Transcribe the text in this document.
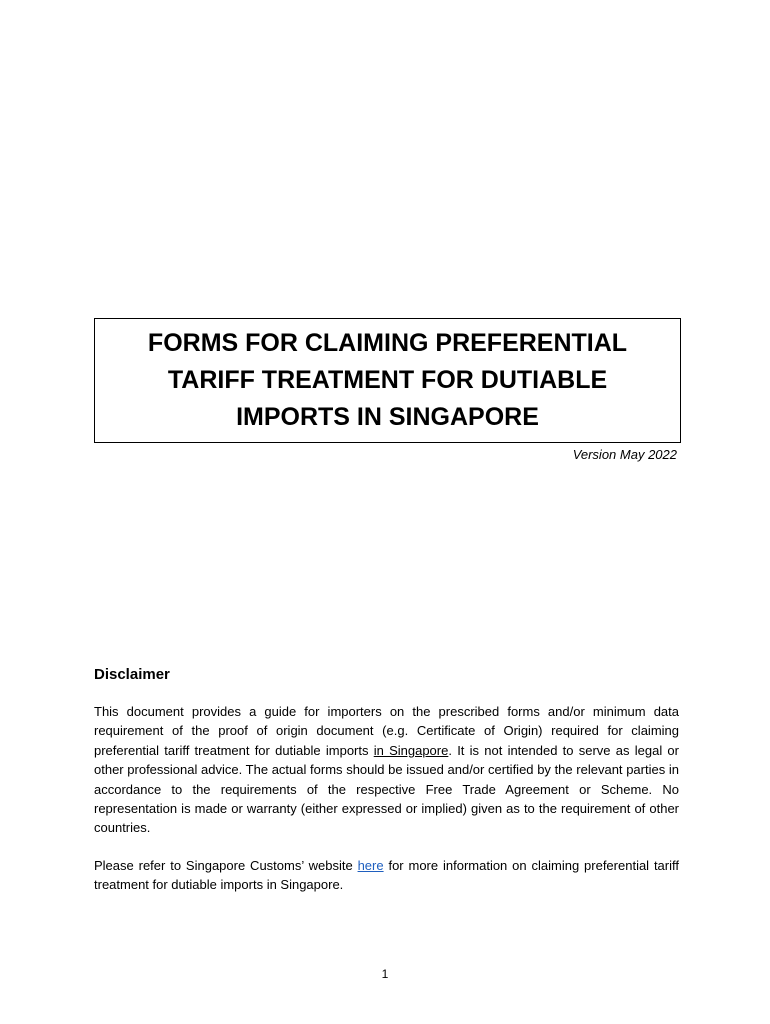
FORMS FOR CLAIMING PREFERENTIAL
TARIFF TREATMENT FOR DUTIABLE
IMPORTS IN SINGAPORE
Version May 2022
Disclaimer

This document provides a guide for importers on the prescribed forms and/or minimum data requirement of the proof of origin document (e.g. Certificate of Origin) required for claiming preferential tariff treatment for dutiable imports in Singapore. It is not intended to serve as legal or other professional advice. The actual forms should be issued and/or certified by the relevant parties in accordance to the requirements of the respective Free Trade Agreement or Scheme. No representation is made or warranty (either expressed or implied) given as to the requirement of other countries.

Please refer to Singapore Customs’ website here for more information on claiming preferential tariff treatment for dutiable imports in Singapore.

1
